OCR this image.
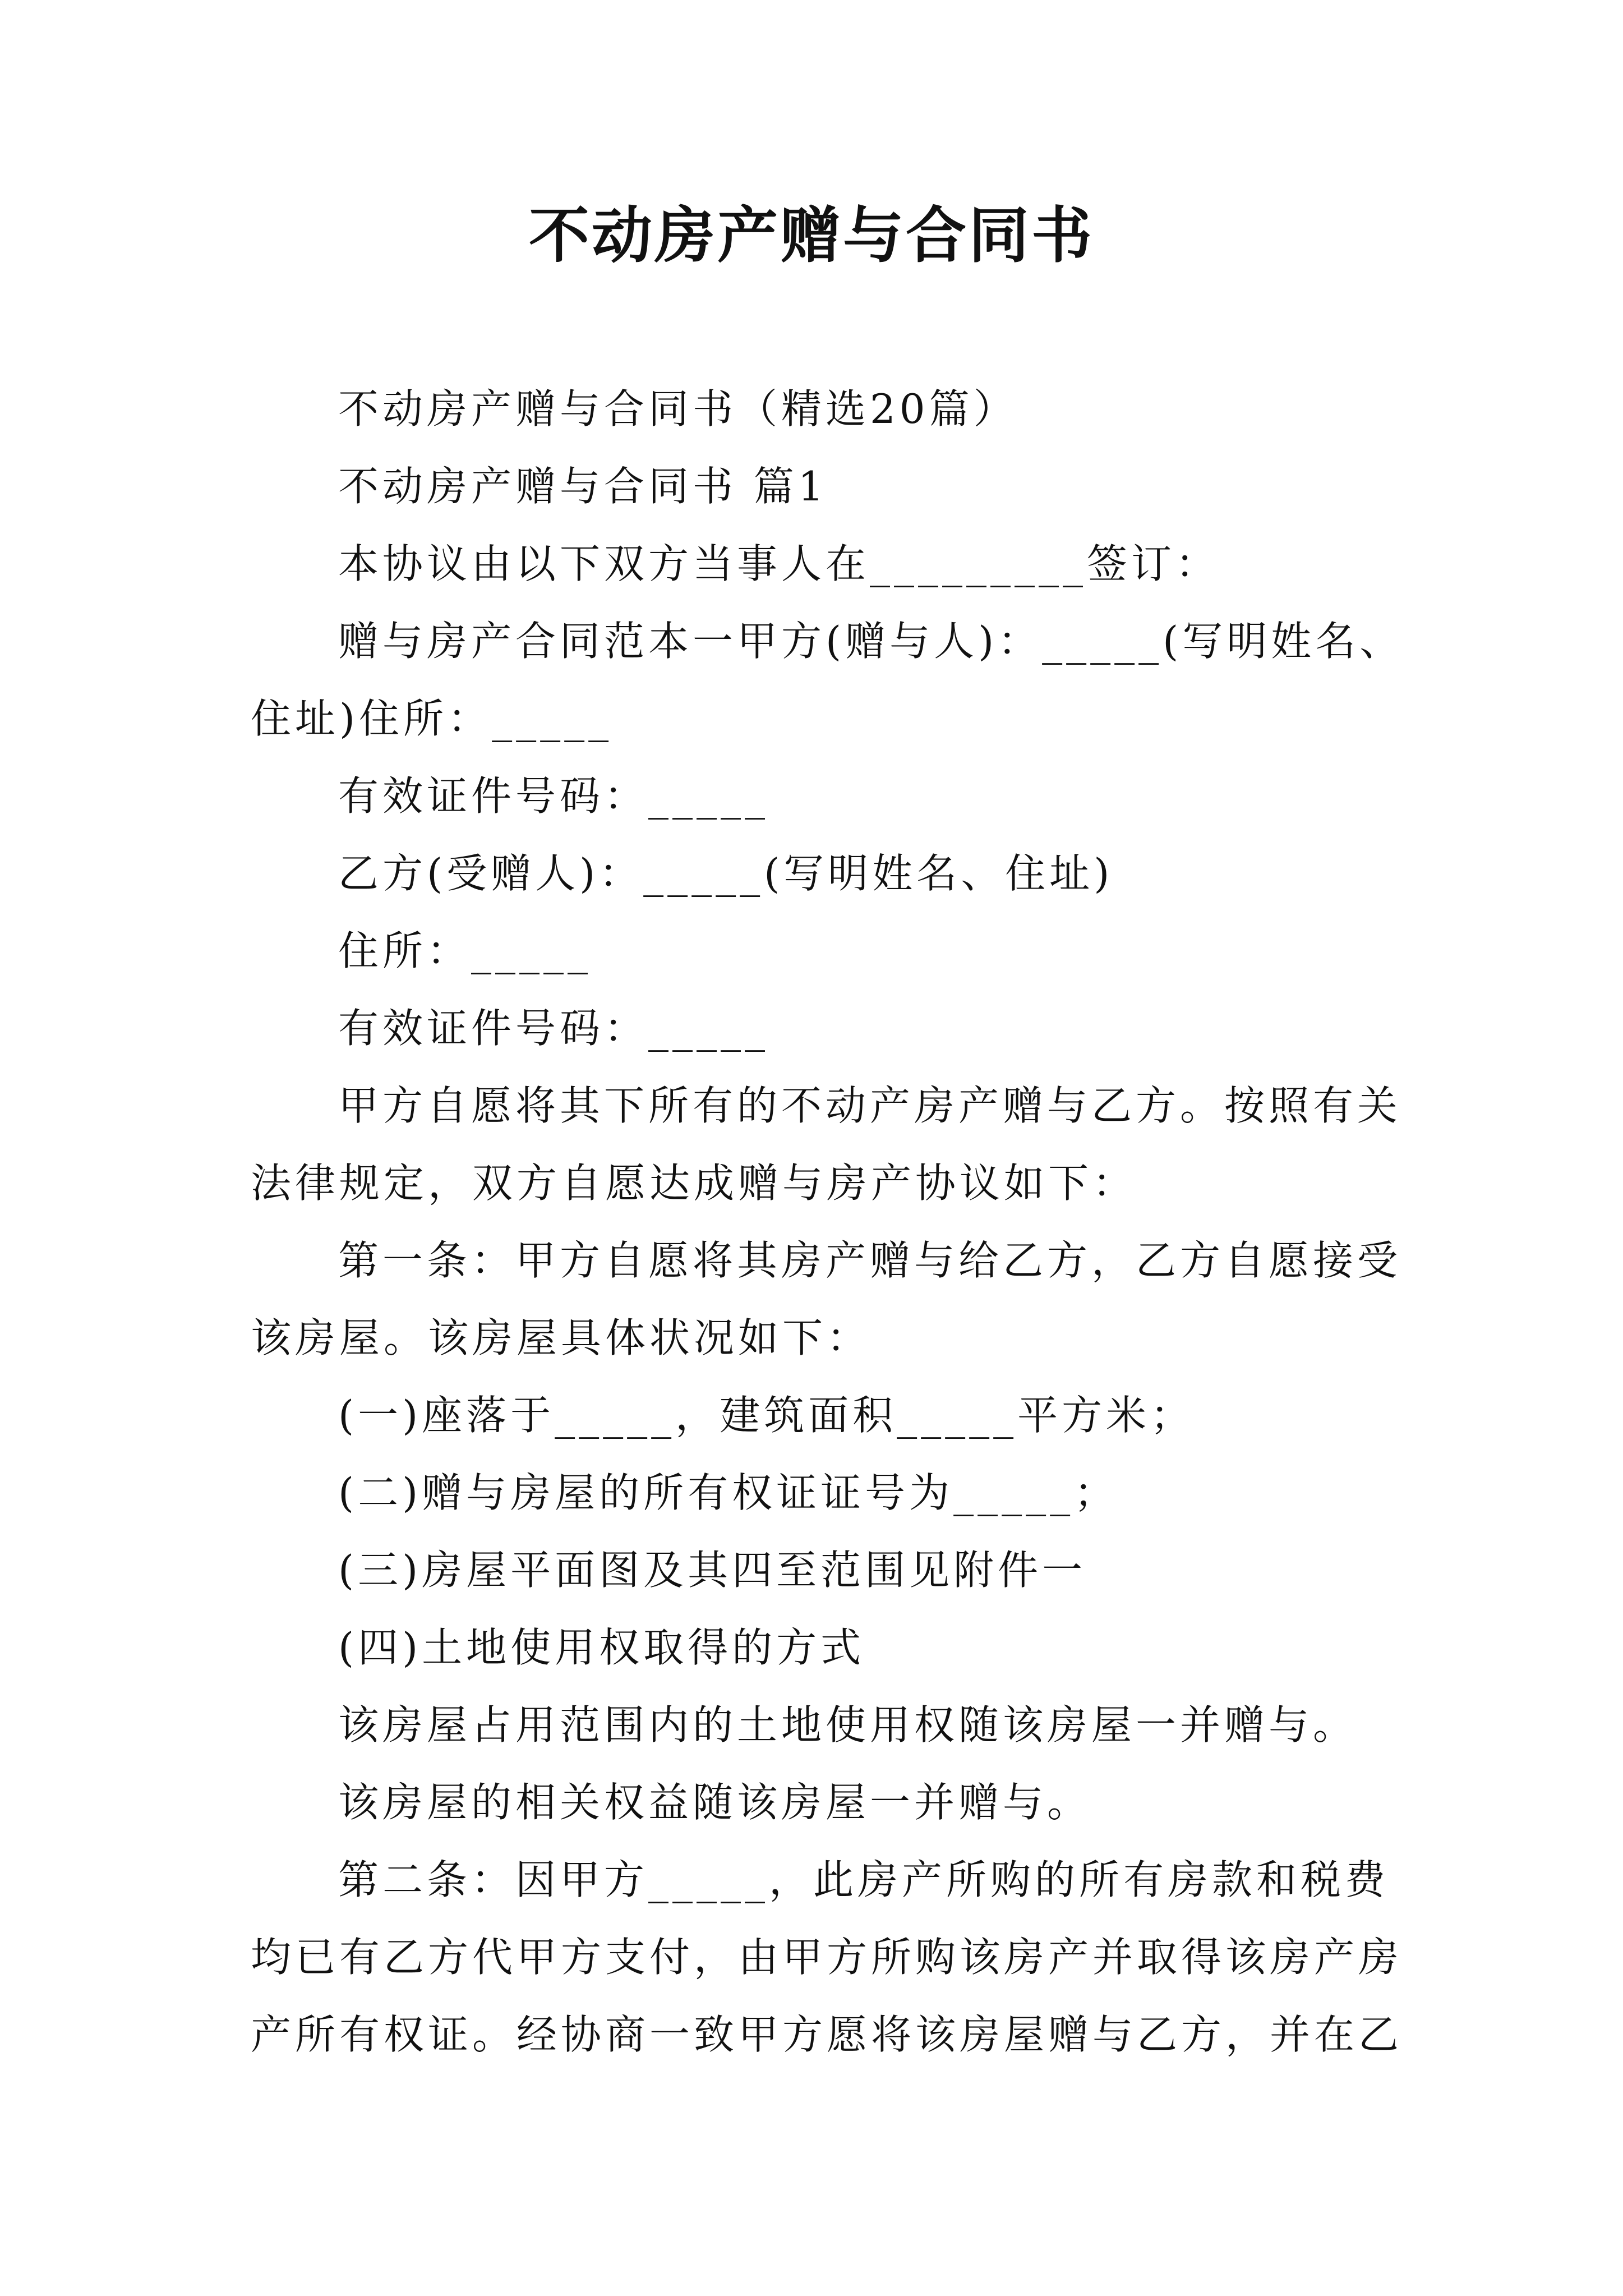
不动房产赠与合同书

不动房产赠与合同书（精选20篇）

不动房产赠与合同书 篇1

本协议由以下双方当事人在_________签订：

赠与房产合同范本一甲方(赠与人)：_____(写明姓名、

住址)住所：_____

有效证件号码：_____

乙方(受赠人)：_____(写明姓名、住址)

住所：_____

有效证件号码：_____

甲方自愿将其下所有的不动产房产赠与乙方。按照有关

法律规定，双方自愿达成赠与房产协议如下：

第一条：甲方自愿将其房产赠与给乙方，乙方自愿接受

该房屋。该房屋具体状况如下：

(一)座落于_____，建筑面积_____平方米；

(二)赠与房屋的所有权证证号为_____；

(三)房屋平面图及其四至范围见附件一

(四)土地使用权取得的方式

该房屋占用范围内的土地使用权随该房屋一并赠与。

该房屋的相关权益随该房屋一并赠与。

第二条：因甲方_____，此房产所购的所有房款和税费

均已有乙方代甲方支付，由甲方所购该房产并取得该房产房

产所有权证。经协商一致甲方愿将该房屋赠与乙方，并在乙
